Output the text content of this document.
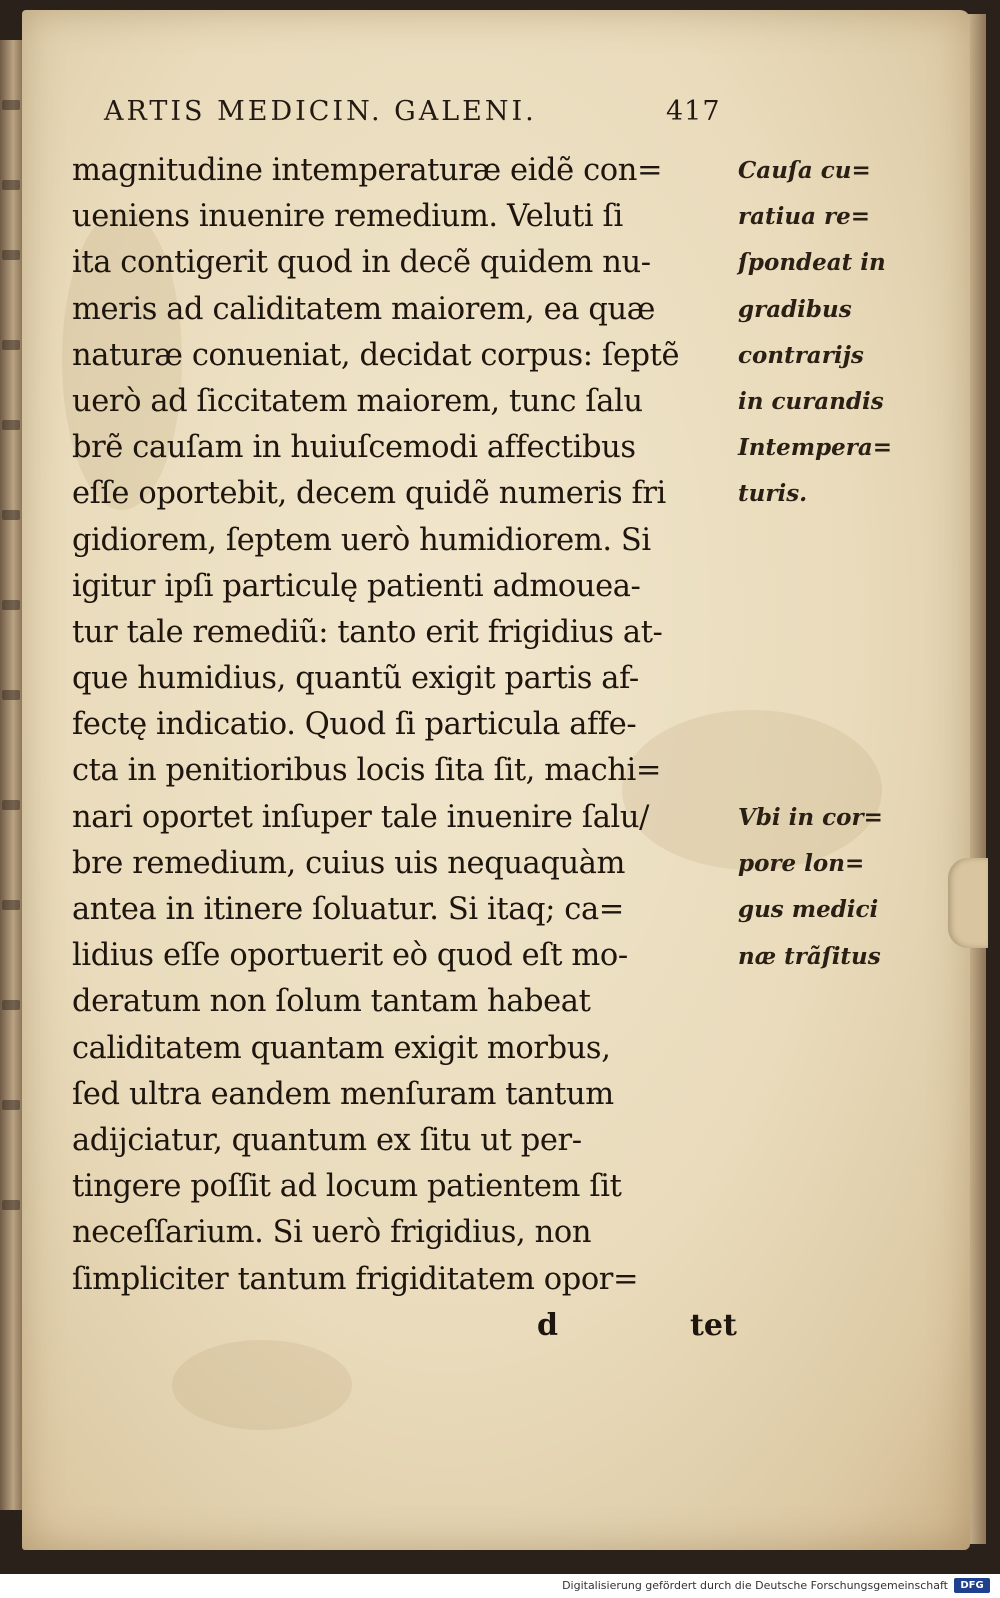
ARTIS MEDICIN. GALENI.	417
magnitudine intemperaturæ eidẽ con=
ueniens inuenire remedium. Veluti ſi
ita contigerit quod in decẽ quidem nu-
meris ad caliditatem maiorem, ea quæ
naturæ conueniat, decidat corpus: ſeptẽ
uerò ad ſiccitatem maiorem, tunc ſalu
brẽ cauſam in huiuſcemodi affectibus
eſſe oportebit, decem quidẽ numeris fri
gidiorem, ſeptem uerò humidiorem. Si
igitur ipſi particulę patienti admouea-
tur tale remediũ: tanto erit frigidius at-
que humidius, quantũ exigit partis af-
fectę indicatio. Quod ſi particula affe-
cta in penitioribus locis ſita ſit, machi=
nari oportet inſuper tale inuenire ſalu/
bre remedium, cuius uis nequaquàm
antea in itinere ſoluatur. Si itaq; ca=
lidius eſſe oportuerit eò quod eſt mo-
deratum non ſolum tantam habeat
caliditatem quantam exigit morbus,
ſed ultra eandem menſuram tantum
adijciatur, quantum ex ſitu ut per-
tingere poſſit ad locum patientem ſit
neceſſarium. Si uerò frigidius, non
ſimpliciter tantum frigiditatem opor=
Cauſa cu=
ratiua re=
ſpondeat in
gradibus
contrarijs
in curandis
Intempera=
turis.
Vbi in cor=
pore lon=
gus medici
næ trãſitus
d	tet
Digitalisierung gefördert durch die Deutsche Forschungsgemeinschaft	DFG
